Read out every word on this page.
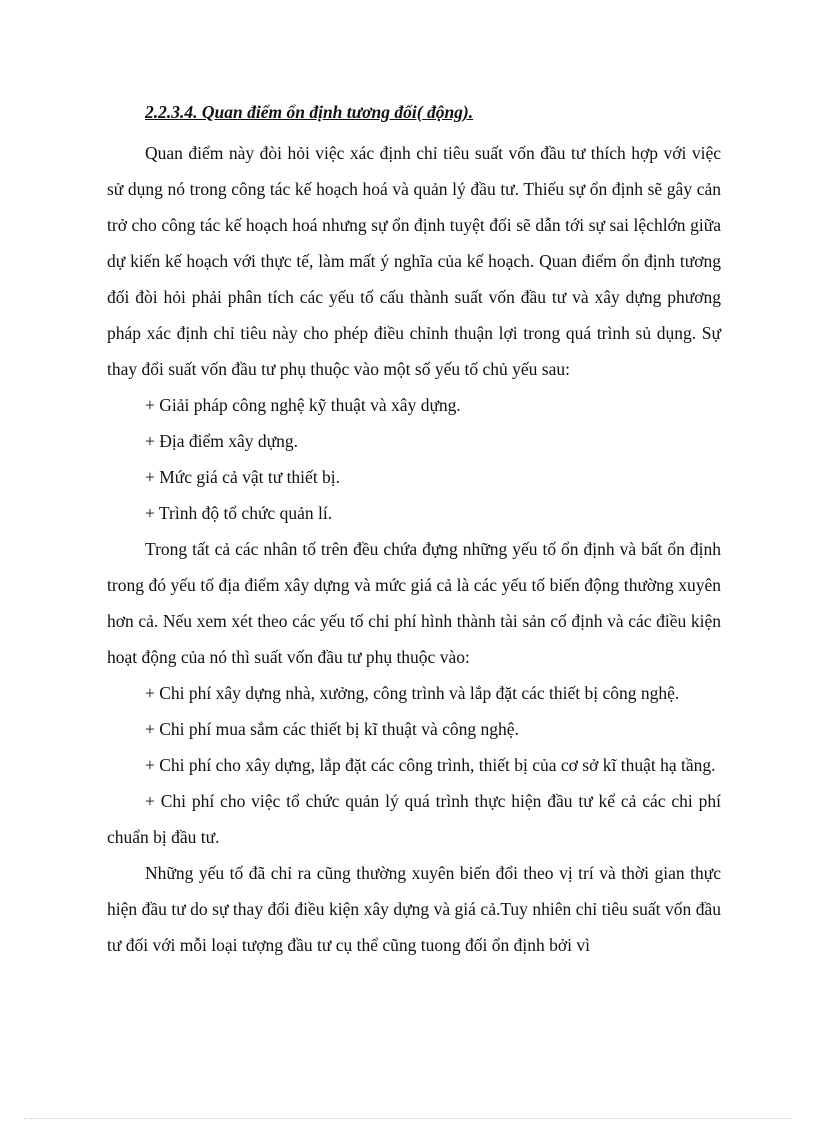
2.2.3.4. Quan điểm ổn định tương đối( động).

Quan điểm này đòi hỏi việc xác định chỉ tiêu suất vốn đầu tư thích hợp với việc sử dụng nó trong công tác kế hoạch hoá và quản lý đầu tư. Thiếu sự ổn định sẽ gây cản trở cho công tác kế hoạch hoá nhưng sự ổn định tuyệt đối sẽ dẫn tới sự sai lệchlớn giữa dự kiến kế hoạch với thực tế, làm mất ý nghĩa của kế hoạch. Quan điểm ổn định tương đối đòi hỏi phải phân tích các yếu tố cấu thành suất vốn đầu tư và xây dựng phương pháp xác định chỉ tiêu này cho phép điều chỉnh thuận lợi trong quá trình sủ dụng. Sự thay đổi suất vốn đầu tư phụ thuộc vào một số yếu tố chủ yếu sau:

+ Giải pháp công nghệ kỹ thuật và xây dựng.

+ Địa điểm xây dựng.

+ Mức giá cả vật tư thiết bị.

+ Trình độ tổ chức quản lí.

Trong tất cả các nhân tố trên đều chứa đựng những yếu tố ổn định và bất ổn định trong đó yếu tố địa điểm xây dựng và mức giá cả là các yếu tố biến động thường xuyên hơn cả. Nếu xem xét theo các yếu tố chi phí hình thành tài sản cố định và các điều kiện hoạt động của nó thì suất vốn đầu tư phụ thuộc vào:

+ Chi phí xây dựng nhà, xưởng, công trình và lắp đặt các thiết bị công nghệ.

+ Chi phí mua sắm các thiết bị kĩ thuật và công nghệ.

+ Chi phí cho xây dựng, lắp đặt các công trình, thiết bị của cơ sở kĩ thuật hạ tầng.

+ Chi phí cho việc tổ chức quản lý quá trình thực hiện đầu tư kể cả các chi phí chuẩn bị đầu tư.

Những yếu tố đã chỉ ra cũng thường xuyên biến đổi theo vị trí và thời gian thực hiện đầu tư do sự thay đổi điều kiện xây dựng và giá cả.Tuy nhiên chỉ tiêu suất vốn đầu tư đối với mỗi loại tượng đầu tư cụ thể cũng tuong đối ổn định bởi vì
